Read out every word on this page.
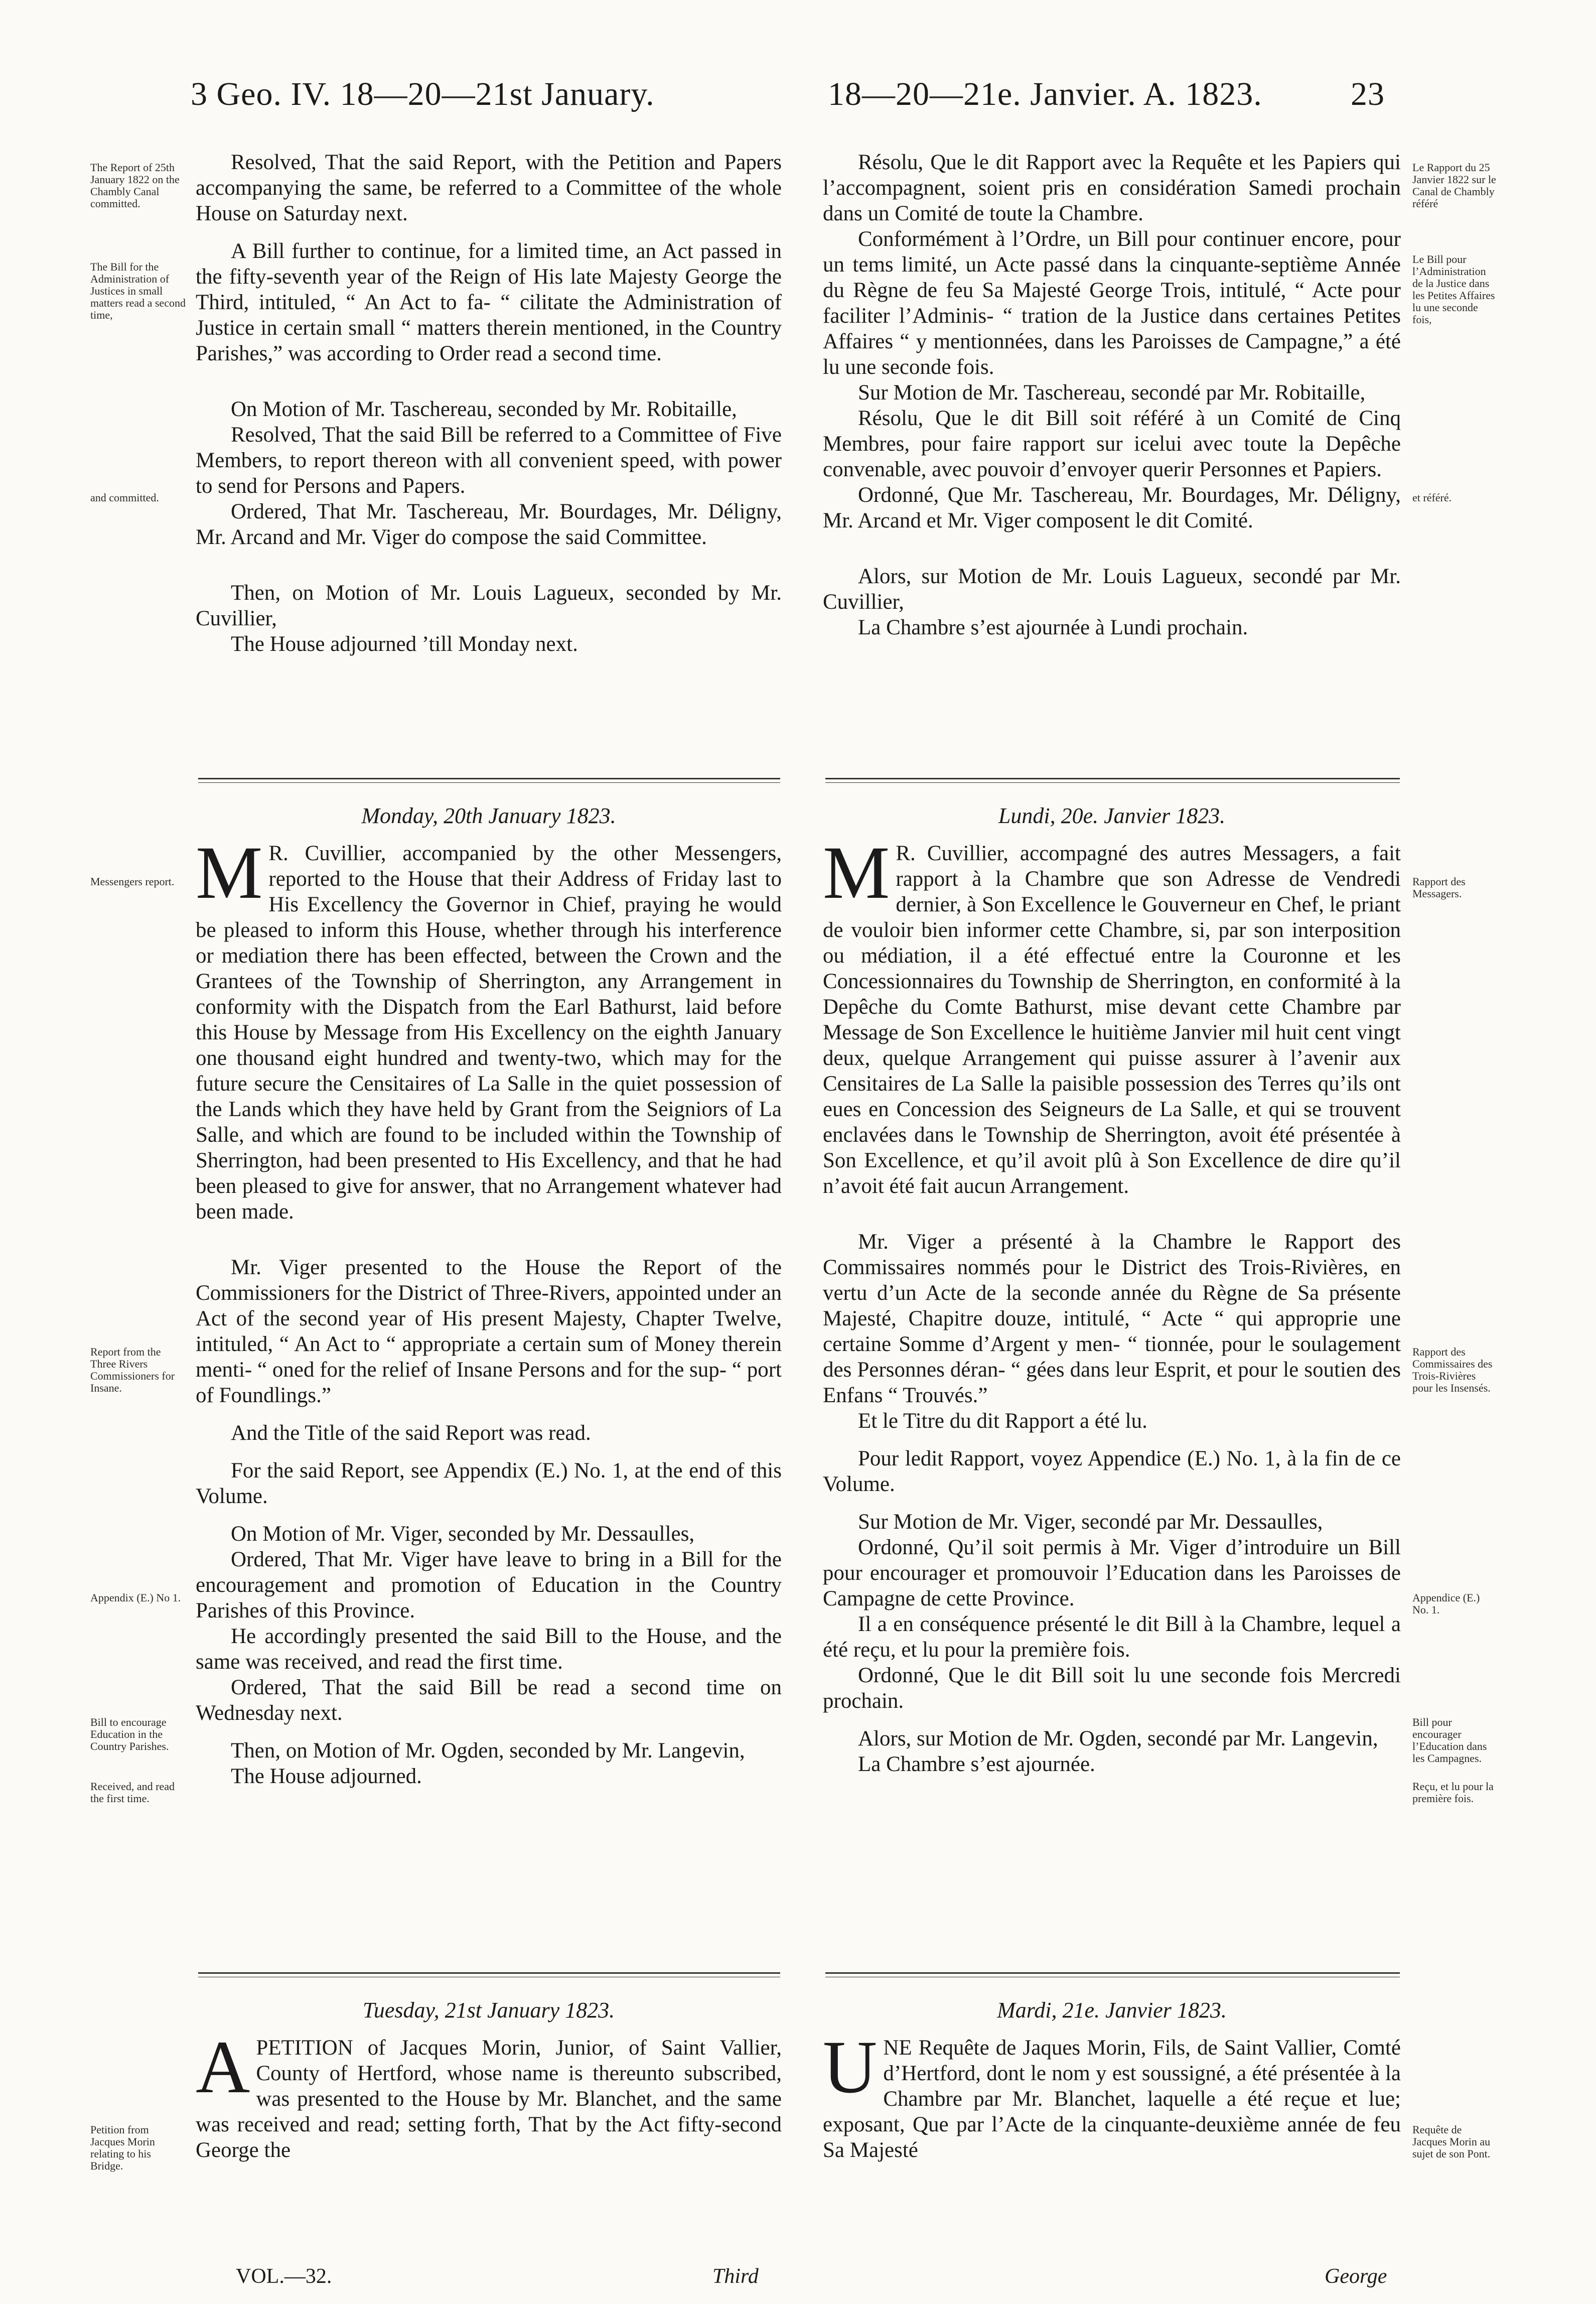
3 Geo. IV. 18—20—21st January.	18—20—21e. Janvier. A. 1823.	23
The Report of 25th January 1822 on the Chambly Canal committed.
The Bill for the Administration of Justices in small matters read a second time,
and committed.
Messengers report.
Report from the Three Rivers Commissioners for Insane.
Appendix (E.) No 1.
Bill to encourage Education in the Country Parishes.
Received, and read the first time.
Petition from Jacques Morin relating to his Bridge.
Le Rapport du 25 Janvier 1822 sur le Canal de Chambly référé
Le Bill pour l’Administration de la Justice dans les Petites Affaires lu une seconde fois,
et référé.
Rapport des Messagers.
Rapport des Commissaires des Trois-Rivières pour les Insensés.
Appendice (E.) No. 1.
Bill pour encourager l’Education dans les Campagnes.
Reçu, et lu pour la première fois.
Requête de Jacques Morin au sujet de son Pont.

Resolved, That the said Report, with the Petition and Papers accompanying the same, be referred to a Committee of the whole House on Saturday next.

A Bill further to continue, for a limited time, an Act passed in the fifty-seventh year of the Reign of His late Majesty George the Third, intituled, “ An Act to fa- “ cilitate the Administration of Justice in certain small “ matters therein mentioned, in the Country Parishes,” was according to Order read a second time.

On Motion of Mr. Taschereau, seconded by Mr. Robitaille,

Resolved, That the said Bill be referred to a Committee of Five Members, to report thereon with all convenient speed, with power to send for Persons and Papers.

Ordered, That Mr. Taschereau, Mr. Bourdages, Mr. Déligny, Mr. Arcand and Mr. Viger do compose the said Committee.

Then, on Motion of Mr. Louis Lagueux, seconded by Mr. Cuvillier,

The House adjourned ’till Monday next.

Résolu, Que le dit Rapport avec la Requête et les Papiers qui l’accompagnent, soient pris en considération Samedi prochain dans un Comité de toute la Chambre.

Conformément à l’Ordre, un Bill pour continuer encore, pour un tems limité, un Acte passé dans la cinquante-septième Année du Règne de feu Sa Majesté George Trois, intitulé, “ Acte pour faciliter l’Adminis- “ tration de la Justice dans certaines Petites Affaires “ y mentionnées, dans les Paroisses de Campagne,” a été lu une seconde fois.

Sur Motion de Mr. Taschereau, secondé par Mr. Robitaille,

Résolu, Que le dit Bill soit référé à un Comité de Cinq Membres, pour faire rapport sur icelui avec toute la Depêche convenable, avec pouvoir d’envoyer querir Personnes et Papiers.

Ordonné, Que Mr. Taschereau, Mr. Bourdages, Mr. Déligny, Mr. Arcand et Mr. Viger composent le dit Comité.

Alors, sur Motion de Mr. Louis Lagueux, secondé par Mr. Cuvillier,

La Chambre s’est ajournée à Lundi prochain.

Monday, 20th January 1823.

MR. Cuvillier, accompanied by the other Messengers, reported to the House that their Address of Friday last to His Excellency the Governor in Chief, praying he would be pleased to inform this House, whether through his interference or mediation there has been effected, between the Crown and the Grantees of the Township of Sherrington, any Arrangement in conformity with the Dispatch from the Earl Bathurst, laid before this House by Message from His Excellency on the eighth January one thousand eight hundred and twenty-two, which may for the future secure the Censitaires of La Salle in the quiet possession of the Lands which they have held by Grant from the Seigniors of La Salle, and which are found to be included within the Township of Sherrington, had been presented to His Excellency, and that he had been pleased to give for answer, that no Arrangement whatever had been made.

Mr. Viger presented to the House the Report of the Commissioners for the District of Three-Rivers, appointed under an Act of the second year of His present Majesty, Chapter Twelve, intituled, “ An Act to “ appropriate a certain sum of Money therein menti- “ oned for the relief of Insane Persons and for the sup- “ port of Foundlings.”

And the Title of the said Report was read.

For the said Report, see Appendix (E.) No. 1, at the end of this Volume.

On Motion of Mr. Viger, seconded by Mr. Dessaulles,

Ordered, That Mr. Viger have leave to bring in a Bill for the encouragement and promotion of Education in the Country Parishes of this Province.

He accordingly presented the said Bill to the House, and the same was received, and read the first time.

Ordered, That the said Bill be read a second time on Wednesday next.

Then, on Motion of Mr. Ogden, seconded by Mr. Langevin,

The House adjourned.

Lundi, 20e. Janvier 1823.

MR. Cuvillier, accompagné des autres Messagers, a fait rapport à la Chambre que son Adresse de Vendredi dernier, à Son Excellence le Gouverneur en Chef, le priant de vouloir bien informer cette Chambre, si, par son interposition ou médiation, il a été effectué entre la Couronne et les Concessionnaires du Township de Sherrington, en conformité à la Depêche du Comte Bathurst, mise devant cette Chambre par Message de Son Excellence le huitième Janvier mil huit cent vingt deux, quelque Arrangement qui puisse assurer à l’avenir aux Censitaires de La Salle la paisible possession des Terres qu’ils ont eues en Concession des Seigneurs de La Salle, et qui se trouvent enclavées dans le Township de Sherrington, avoit été présentée à Son Excellence, et qu’il avoit plû à Son Excellence de dire qu’il n’avoit été fait aucun Arrangement.

Mr. Viger a présenté à la Chambre le Rapport des Commissaires nommés pour le District des Trois-Rivières, en vertu d’un Acte de la seconde année du Règne de Sa présente Majesté, Chapitre douze, intitulé, “ Acte “ qui approprie une certaine Somme d’Argent y men- “ tionnée, pour le soulagement des Personnes déran- “ gées dans leur Esprit, et pour le soutien des Enfans “ Trouvés.”

Et le Titre du dit Rapport a été lu.

Pour ledit Rapport, voyez Appendice (E.) No. 1, à la fin de ce Volume.

Sur Motion de Mr. Viger, secondé par Mr. Dessaulles,

Ordonné, Qu’il soit permis à Mr. Viger d’introduire un Bill pour encourager et promouvoir l’Education dans les Paroisses de Campagne de cette Province.

Il a en conséquence présenté le dit Bill à la Chambre, lequel a été reçu, et lu pour la première fois.

Ordonné, Que le dit Bill soit lu une seconde fois Mercredi prochain.

Alors, sur Motion de Mr. Ogden, secondé par Mr. Langevin,

La Chambre s’est ajournée.

Tuesday, 21st January 1823.

APETITION of Jacques Morin, Junior, of Saint Vallier, County of Hertford, whose name is thereunto subscribed, was presented to the House by Mr. Blanchet, and the same was received and read; setting forth, That by the Act fifty-second George the

Mardi, 21e. Janvier 1823.

UNE Requête de Jaques Morin, Fils, de Saint Vallier, Comté d’Hertford, dont le nom y est soussigné, a été présentée à la Chambre par Mr. Blanchet, laquelle a été reçue et lue; exposant, Que par l’Acte de la cinquante-deuxième année de feu Sa Majesté

VOL.—32.	Third	George
